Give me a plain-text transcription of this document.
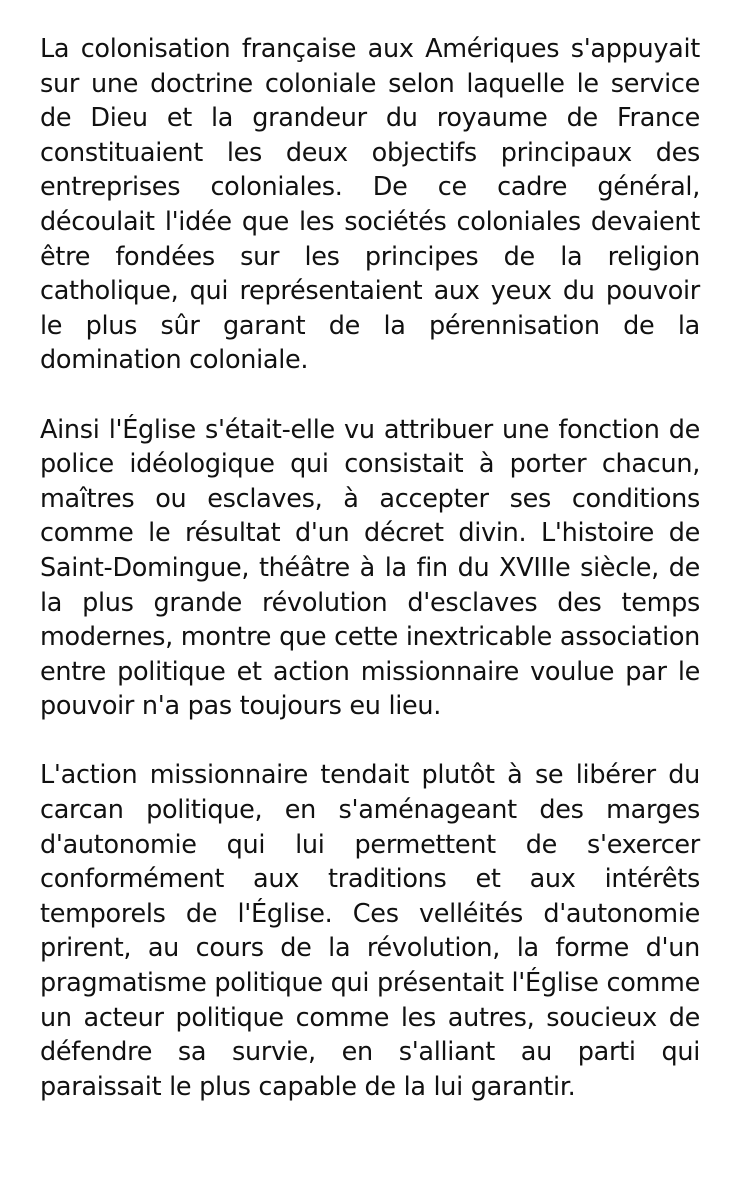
La colonisation française aux Amériques s'appuyait sur une doctrine coloniale selon laquelle le service de Dieu et la grandeur du royaume de France constituaient les deux objectifs principaux des entreprises coloniales. De ce cadre général, découlait l'idée que les sociétés coloniales devaient être fondées sur les principes de la religion catholique, qui représentaient aux yeux du pouvoir le plus sûr garant de la pérennisation de la domination coloniale.

Ainsi l'Église s'était-elle vu attribuer une fonction de police idéologique qui consistait à porter chacun, maîtres ou esclaves, à accepter ses conditions comme le résultat d'un décret divin. L'histoire de Saint-Domingue, théâtre à la fin du XVIIIe siècle, de la plus grande révolution d'esclaves des temps modernes, montre que cette inextricable association entre politique et action missionnaire voulue par le pouvoir n'a pas toujours eu lieu.

L'action missionnaire tendait plutôt à se libérer du carcan politique, en s'aménageant des marges d'autonomie qui lui permettent de s'exercer conformément aux traditions et aux intérêts temporels de l'Église. Ces velléités d'autonomie prirent, au cours de la révolution, la forme d'un pragmatisme politique qui présentait l'Église comme un acteur politique comme les autres, soucieux de défendre sa survie, en s'alliant au parti qui paraissait le plus capable de la lui garantir.
